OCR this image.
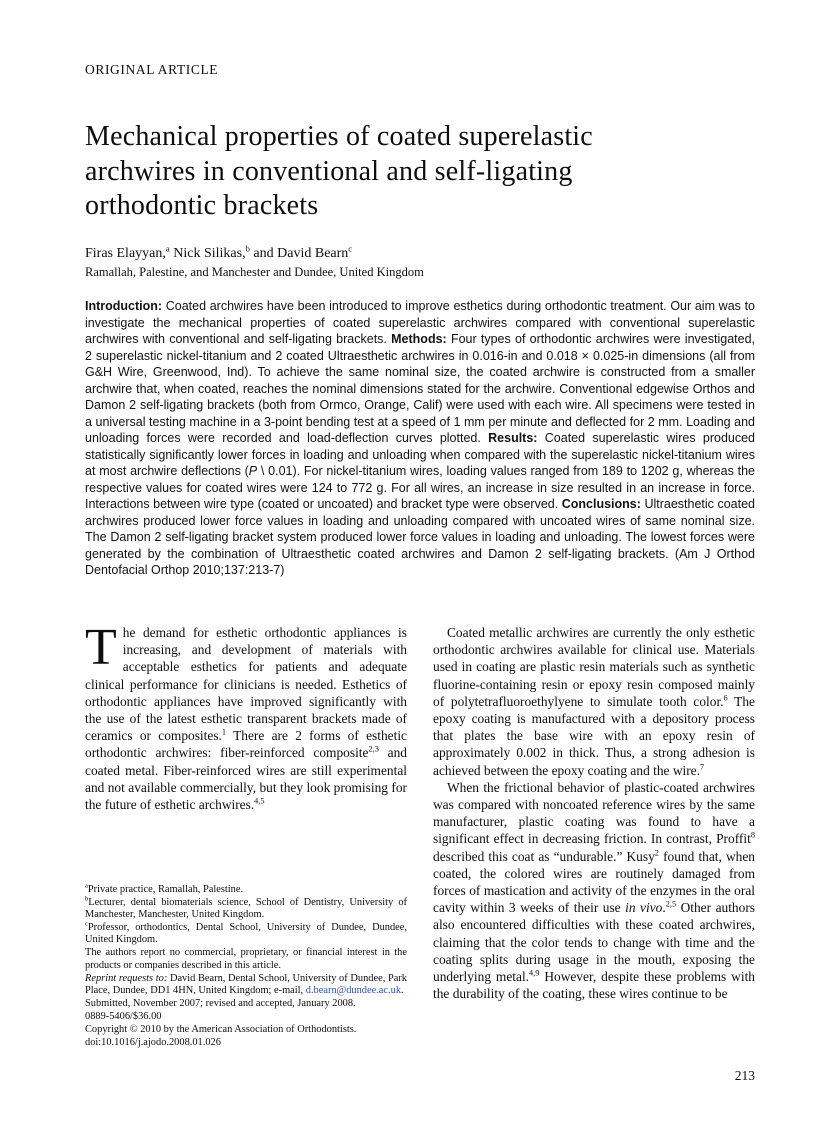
ORIGINAL ARTICLE
Mechanical properties of coated superelastic archwires in conventional and self-ligating orthodontic brackets
Firas Elayyan,$^a$ Nick Silikas,$^b$ and David Bearn$^c$
Ramallah, Palestine, and Manchester and Dundee, United Kingdom
Introduction: Coated archwires have been introduced to improve esthetics during orthodontic treatment. Our aim was to investigate the mechanical properties of coated superelastic archwires compared with conventional superelastic archwires with conventional and self-ligating brackets. Methods: Four types of orthodontic archwires were investigated, 2 superelastic nickel-titanium and 2 coated Ultraesthetic archwires in 0.016-in and 0.018 × 0.025-in dimensions (all from G&H Wire, Greenwood, Ind). To achieve the same nominal size, the coated archwire is constructed from a smaller archwire that, when coated, reaches the nominal dimensions stated for the archwire. Conventional edgewise Orthos and Damon 2 self-ligating brackets (both from Ormco, Orange, Calif) were used with each wire. All specimens were tested in a universal testing machine in a 3-point bending test at a speed of 1 mm per minute and deflected for 2 mm. Loading and unloading forces were recorded and load-deflection curves plotted. Results: Coated superelastic wires produced statistically significantly lower forces in loading and unloading when compared with the superelastic nickel-titanium wires at most archwire deflections (P \ 0.01). For nickel-titanium wires, loading values ranged from 189 to 1202 g, whereas the respective values for coated wires were 124 to 772 g. For all wires, an increase in size resulted in an increase in force. Interactions between wire type (coated or uncoated) and bracket type were observed. Conclusions: Ultraesthetic coated archwires produced lower force values in loading and unloading compared with uncoated wires of same nominal size. The Damon 2 self-ligating bracket system produced lower force values in loading and unloading. The lowest forces were generated by the combination of Ultraesthetic coated archwires and Damon 2 self-ligating brackets. (Am J Orthod Dentofacial Orthop 2010;137:213-7)

The demand for esthetic orthodontic appliances is increasing, and development of materials with acceptable esthetics for patients and adequate clinical performance for clinicians is needed. Esthetics of orthodontic appliances have improved significantly with the use of the latest esthetic transparent brackets made of ceramics or composites.$^1$ There are 2 forms of esthetic orthodontic archwires: fiber-reinforced composite$^{2,3}$ and coated metal. Fiber-reinforced wires are still experimental and not available commercially, but they look promising for the future of esthetic archwires.$^{4,5}$

Coated metallic archwires are currently the only esthetic orthodontic archwires available for clinical use. Materials used in coating are plastic resin materials such as synthetic fluorine-containing resin or epoxy resin composed mainly of polytetrafluoroethylyene to simulate tooth color.$^6$ The epoxy coating is manufactured with a depository process that plates the base wire with an epoxy resin of approximately 0.002 in thick. Thus, a strong adhesion is achieved between the epoxy coating and the wire.$^7$

When the frictional behavior of plastic-coated archwires was compared with noncoated reference wires by the same manufacturer, plastic coating was found to have a significant effect in decreasing friction. In contrast, Proffit$^8$ described this coat as “undurable.” Kusy$^2$ found that, when coated, the colored wires are routinely damaged from forces of mastication and activity of the enzymes in the oral cavity within 3 weeks of their use in vivo.$^{2,5}$ Other authors also encountered difficulties with these coated archwires, claiming that the color tends to change with time and the coating splits during usage in the mouth, exposing the underlying metal.$^{4,9}$ However, despite these problems with the durability of the coating, these wires continue to be

$^a$Private practice, Ramallah, Palestine.

$^b$Lecturer, dental biomaterials science, School of Dentistry, University of Manchester, Manchester, United Kingdom.

$^c$Professor, orthodontics, Dental School, University of Dundee, Dundee, United Kingdom.

The authors report no commercial, proprietary, or financial interest in the products or companies described in this article.

Reprint requests to: David Bearn, Dental School, University of Dundee, Park Place, Dundee, DD1 4HN, United Kingdom; e-mail, d.bearn@dundee.ac.uk.

Submitted, November 2007; revised and accepted, January 2008.

0889-5406/$36.00

Copyright © 2010 by the American Association of Orthodontists.

doi:10.1016/j.ajodo.2008.01.026

213
